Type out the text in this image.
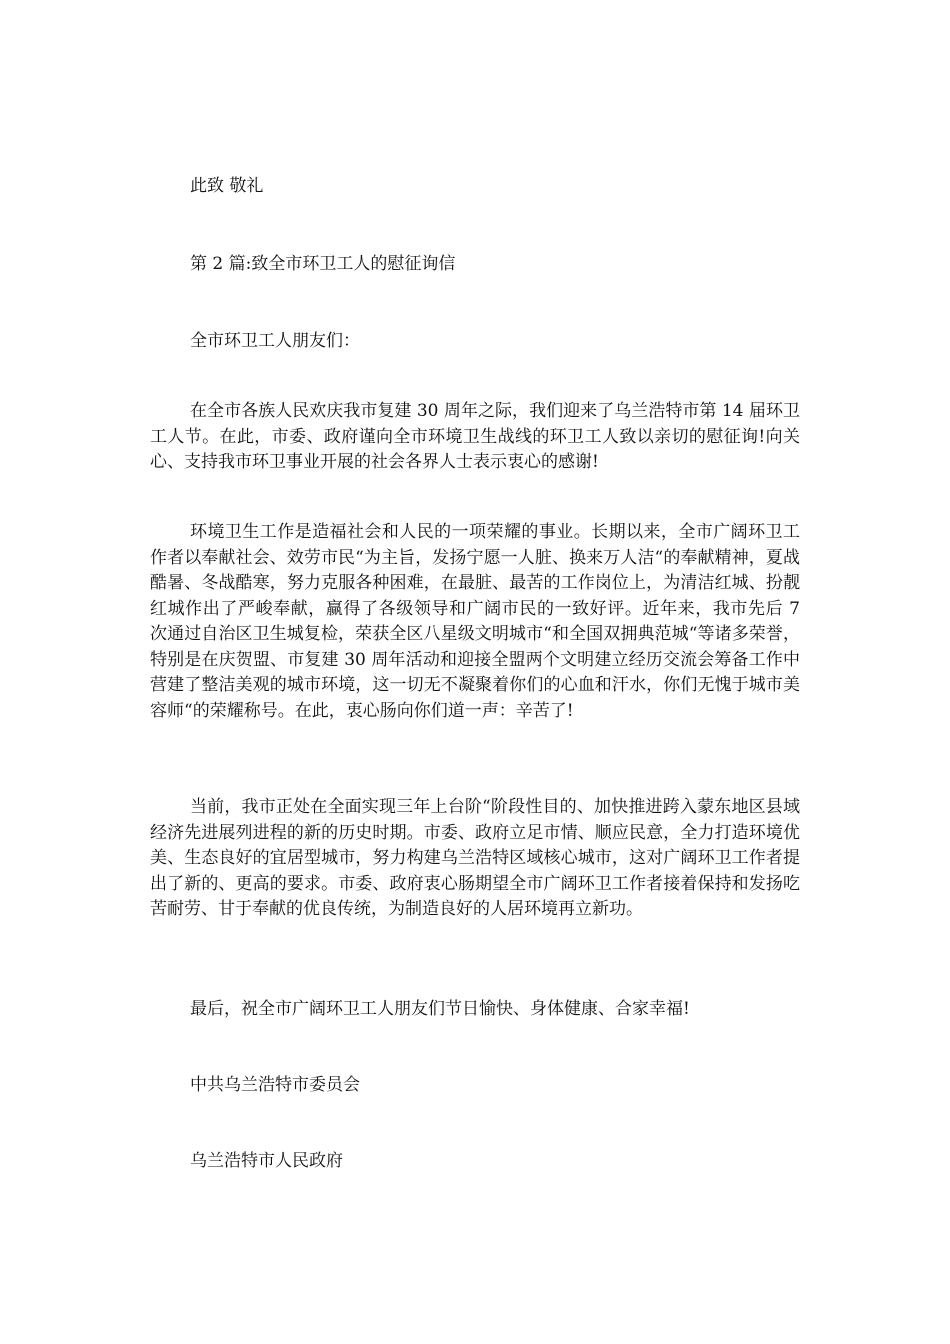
此致 敬礼

第 2 篇:致全市环卫工人的慰征询信

全市环卫工人朋友们：

在全市各族人民欢庆我市复建 30 周年之际，我们迎来了乌兰浩特市第 14 届环卫工人节。在此，市委、政府谨向全市环境卫生战线的环卫工人致以亲切的慰征询!向关心、支持我市环卫事业开展的社会各界人士表示衷心的感谢!

环境卫生工作是造福社会和人民的一项荣耀的事业。长期以来，全市广阔环卫工作者以奉献社会、效劳市民“为主旨，发扬宁愿一人脏、换来万人洁“的奉献精神，夏战酷暑、冬战酷寒，努力克服各种困难，在最脏、最苦的工作岗位上，为清洁红城、扮靓红城作出了严峻奉献，赢得了各级领导和广阔市民的一致好评。近年来，我市先后 7 次通过自治区卫生城复检，荣获全区八星级文明城市“和全国双拥典范城“等诸多荣誉，特别是在庆贺盟、市复建 30 周年活动和迎接全盟两个文明建立经历交流会筹备工作中营建了整洁美观的城市环境，这一切无不凝聚着你们的心血和汗水，你们无愧于城市美容师“的荣耀称号。在此，衷心肠向你们道一声：辛苦了!

当前，我市正处在全面实现三年上台阶“阶段性目的、加快推进跨入蒙东地区县域经济先进展列进程的新的历史时期。市委、政府立足市情、顺应民意，全力打造环境优美、生态良好的宜居型城市，努力构建乌兰浩特区域核心城市，这对广阔环卫工作者提出了新的、更高的要求。市委、政府衷心肠期望全市广阔环卫工作者接着保持和发扬吃苦耐劳、甘于奉献的优良传统，为制造良好的人居环境再立新功。

最后，祝全市广阔环卫工人朋友们节日愉快、身体健康、合家幸福!

中共乌兰浩特市委员会

乌兰浩特市人民政府
